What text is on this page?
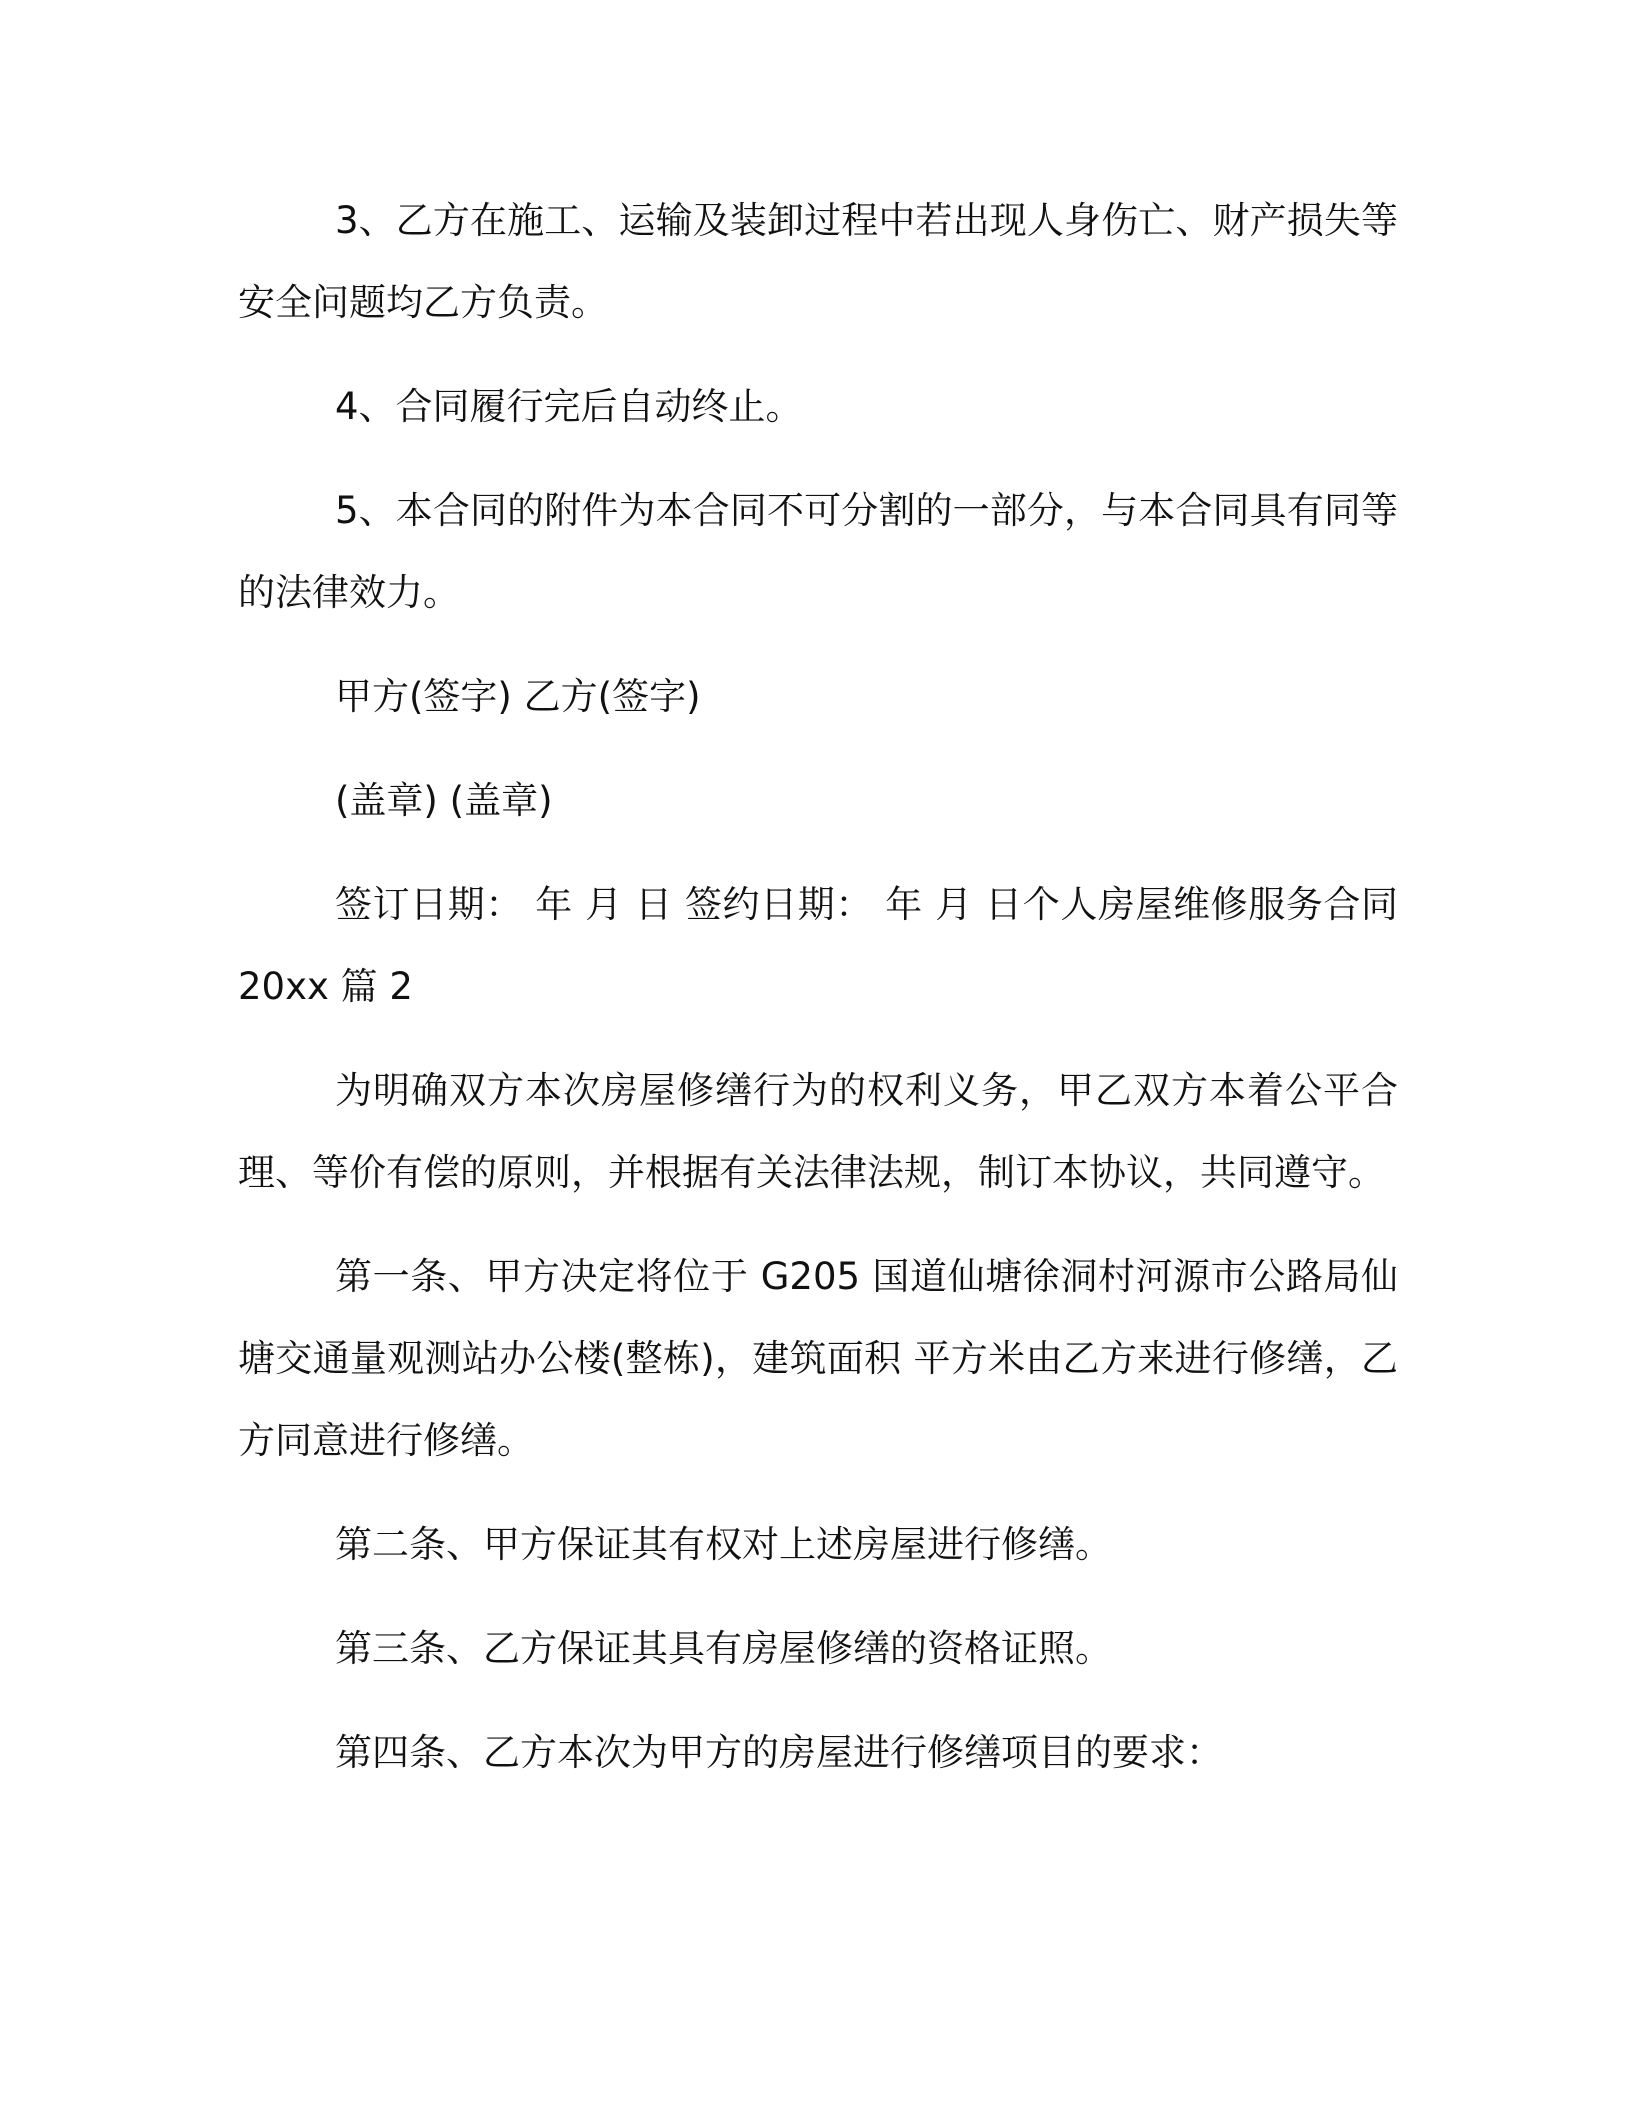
3、乙方在施工、运输及装卸过程中若出现人身伤亡、财产损失等安全问题均乙方负责。

4、合同履行完后自动终止。

5、本合同的附件为本合同不可分割的一部分，与本合同具有同等的法律效力。

甲方(签字) 乙方(签字)

(盖章) (盖章)

签订日期： 年 月 日 签约日期： 年 月 日个人房屋维修服务合同 20xx 篇 2

为明确双方本次房屋修缮行为的权利义务，甲乙双方本着公平合理、等价有偿的原则，并根据有关法律法规，制订本协议，共同遵守。

第一条、甲方决定将位于 G205 国道仙塘徐洞村河源市公路局仙塘交通量观测站办公楼(整栋)，建筑面积 平方米由乙方来进行修缮，乙方同意进行修缮。

第二条、甲方保证其有权对上述房屋进行修缮。

第三条、乙方保证其具有房屋修缮的资格证照。

第四条、乙方本次为甲方的房屋进行修缮项目的要求：
